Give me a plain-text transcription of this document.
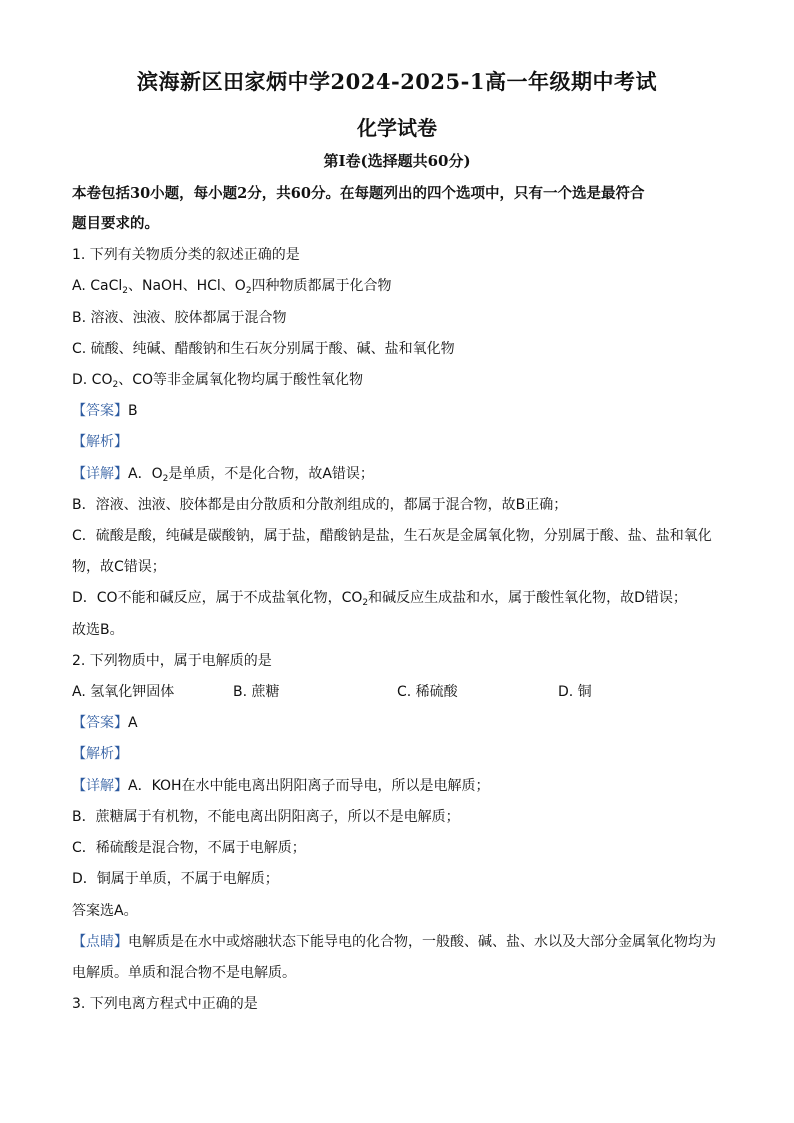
滨海新区田家炳中学2024-2025-1高一年级期中考试
化学试卷
第Ⅰ卷(选择题共60分)
本卷包括30小题，每小题2分，共60分。在每题列出的四个选项中，只有一个选是最符合
题目要求的。
1. 下列有关物质分类的叙述正确的是
A. CaCl$_2$、NaOH、HCl、$O_2$四种物质都属于化合物
B. 溶液、浊液、胶体都属于混合物
C. 硫酸、纯碱、醋酸钠和生石灰分别属于酸、碱、盐和氧化物
D. $CO_2$、CO等非金属氧化物均属于酸性氧化物
【答案】B
【解析】
【详解】A．$O_2$是单质，不是化合物，故A错误；
B．溶液、浊液、胶体都是由分散质和分散剂组成的，都属于混合物，故B正确；
C．硫酸是酸，纯碱是碳酸钠，属于盐，醋酸钠是盐，生石灰是金属氧化物，分别属于酸、盐、盐和氧化
物，故C错误；
D．CO不能和碱反应，属于不成盐氧化物，$CO_2$和碱反应生成盐和水，属于酸性氧化物，故D错误；
故选B。
2. 下列物质中，属于电解质的是
A. 氢氧化钾固体	B. 蔗糖	C. 稀硫酸	D. 铜
【答案】A
【解析】
【详解】A．KOH在水中能电离出阴阳离子而导电，所以是电解质；
B．蔗糖属于有机物，不能电离出阴阳离子，所以不是电解质；
C．稀硫酸是混合物，不属于电解质；
D．铜属于单质，不属于电解质；
答案选A。
【点睛】电解质是在水中或熔融状态下能导电的化合物，一般酸、碱、盐、水以及大部分金属氧化物均为
电解质。单质和混合物不是电解质。
3. 下列电离方程式中正确的是
